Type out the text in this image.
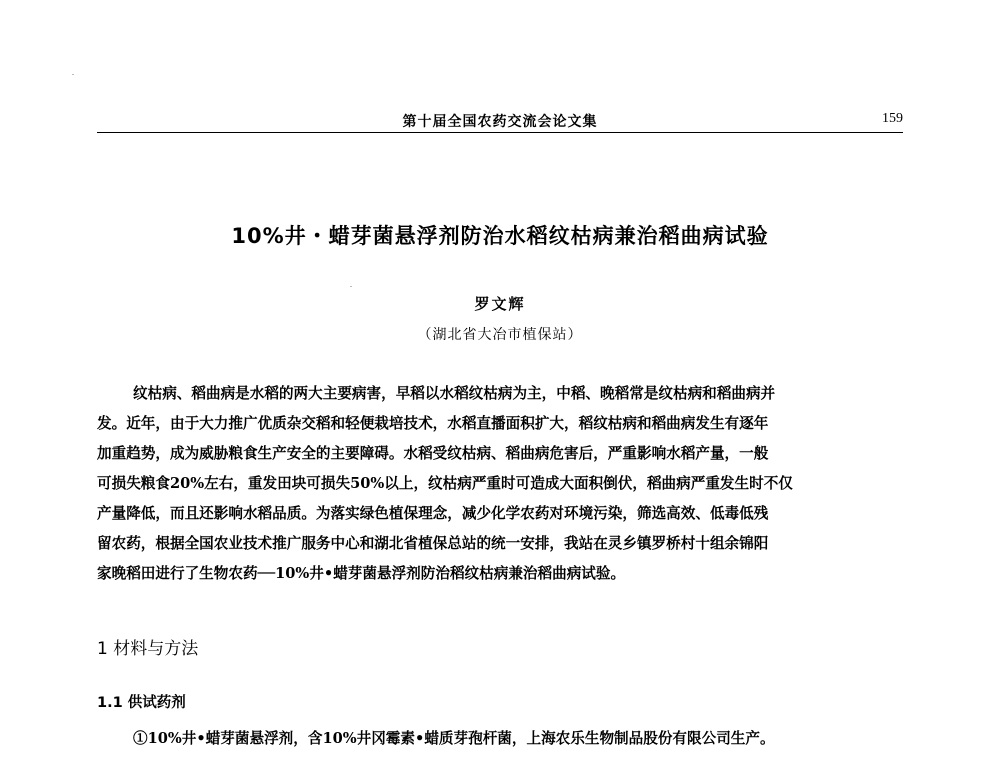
第十届全国农药交流会论文集	159
10%井・蜡芽菌悬浮剂防治水稻纹枯病兼治稻曲病试验
罗文辉
（湖北省大冶市植保站）
纹枯病、稻曲病是水稻的两大主要病害，早稻以水稻纹枯病为主，中稻、晚稻常是纹枯病和稻曲病并
发。近年，由于大力推广优质杂交稻和轻便栽培技术，水稻直播面积扩大，稻纹枯病和稻曲病发生有逐年
加重趋势，成为威胁粮食生产安全的主要障碍。水稻受纹枯病、稻曲病危害后，严重影响水稻产量，一般
可损失粮食20%左右，重发田块可损失50%以上，纹枯病严重时可造成大面积倒伏，稻曲病严重发生时不仅
产量降低，而且还影响水稻品质。为落实绿色植保理念，减少化学农药对环境污染，筛选高效、低毒低残
留农药，根据全国农业技术推广服务中心和湖北省植保总站的统一安排，我站在灵乡镇罗桥村十组余锦阳
家晚稻田进行了生物农药──10%井•蜡芽菌悬浮剂防治稻纹枯病兼治稻曲病试验。
1 材料与方法
1.1 供试药剂
①10%井•蜡芽菌悬浮剂，含10%井冈霉素•蜡质芽孢杆菌，上海农乐生物制品股份有限公司生产。
